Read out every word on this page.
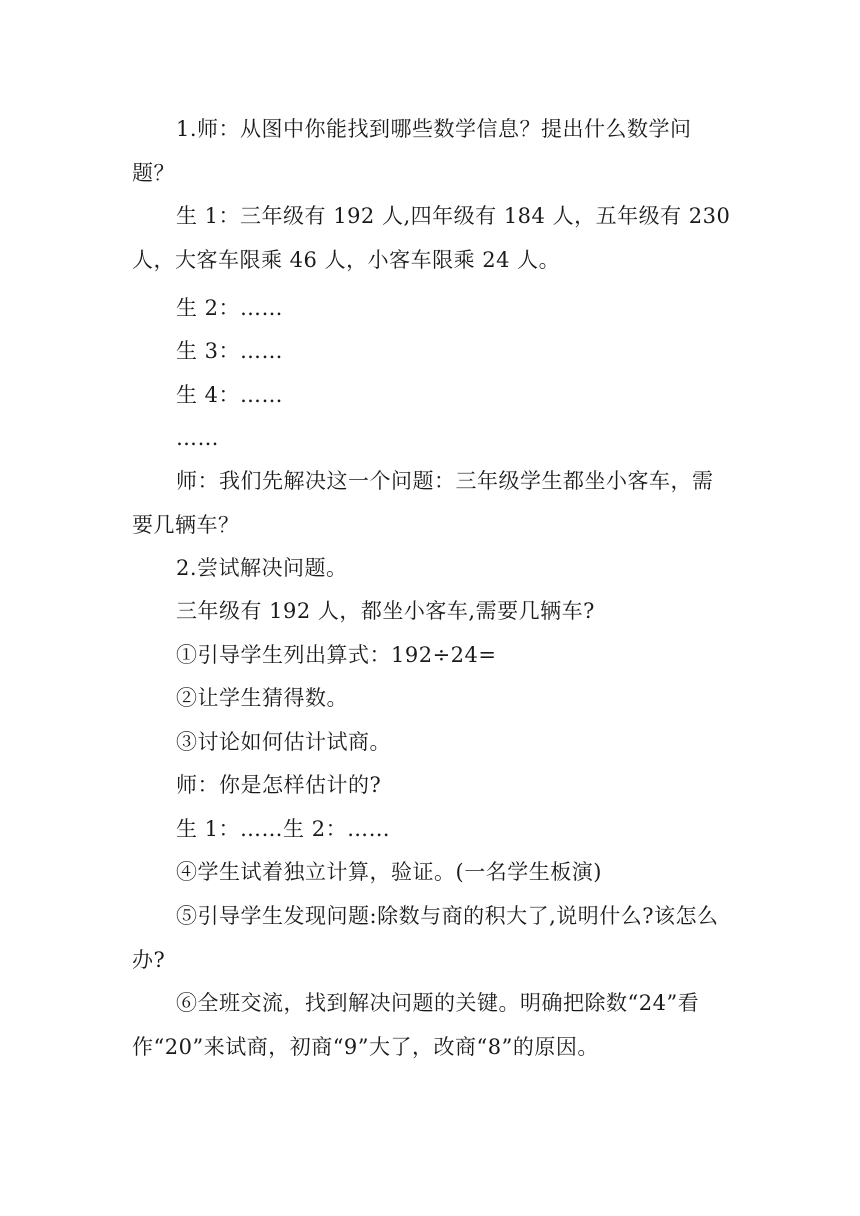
1.师：从图中你能找到哪些数学信息？提出什么数学问题？

生 1：三年级有 192 人,四年级有 184 人，五年级有 230 人，大客车限乘 46 人，小客车限乘 24 人。

生 2：……

生 3：……

生 4：……

……

师：我们先解决这一个问题：三年级学生都坐小客车，需要几辆车？

2.尝试解决问题。

三年级有 192 人，都坐小客车,需要几辆车?

①引导学生列出算式：192÷24=

②让学生猜得数。

③讨论如何估计试商。

师：你是怎样估计的?

生 1：……生 2：……

④学生试着独立计算，验证。(一名学生板演)

⑤引导学生发现问题:除数与商的积大了,说明什么?该怎么办?

⑥全班交流，找到解决问题的关键。明确把除数“24”看作“20”来试商，初商“9”大了，改商“8”的原因。
